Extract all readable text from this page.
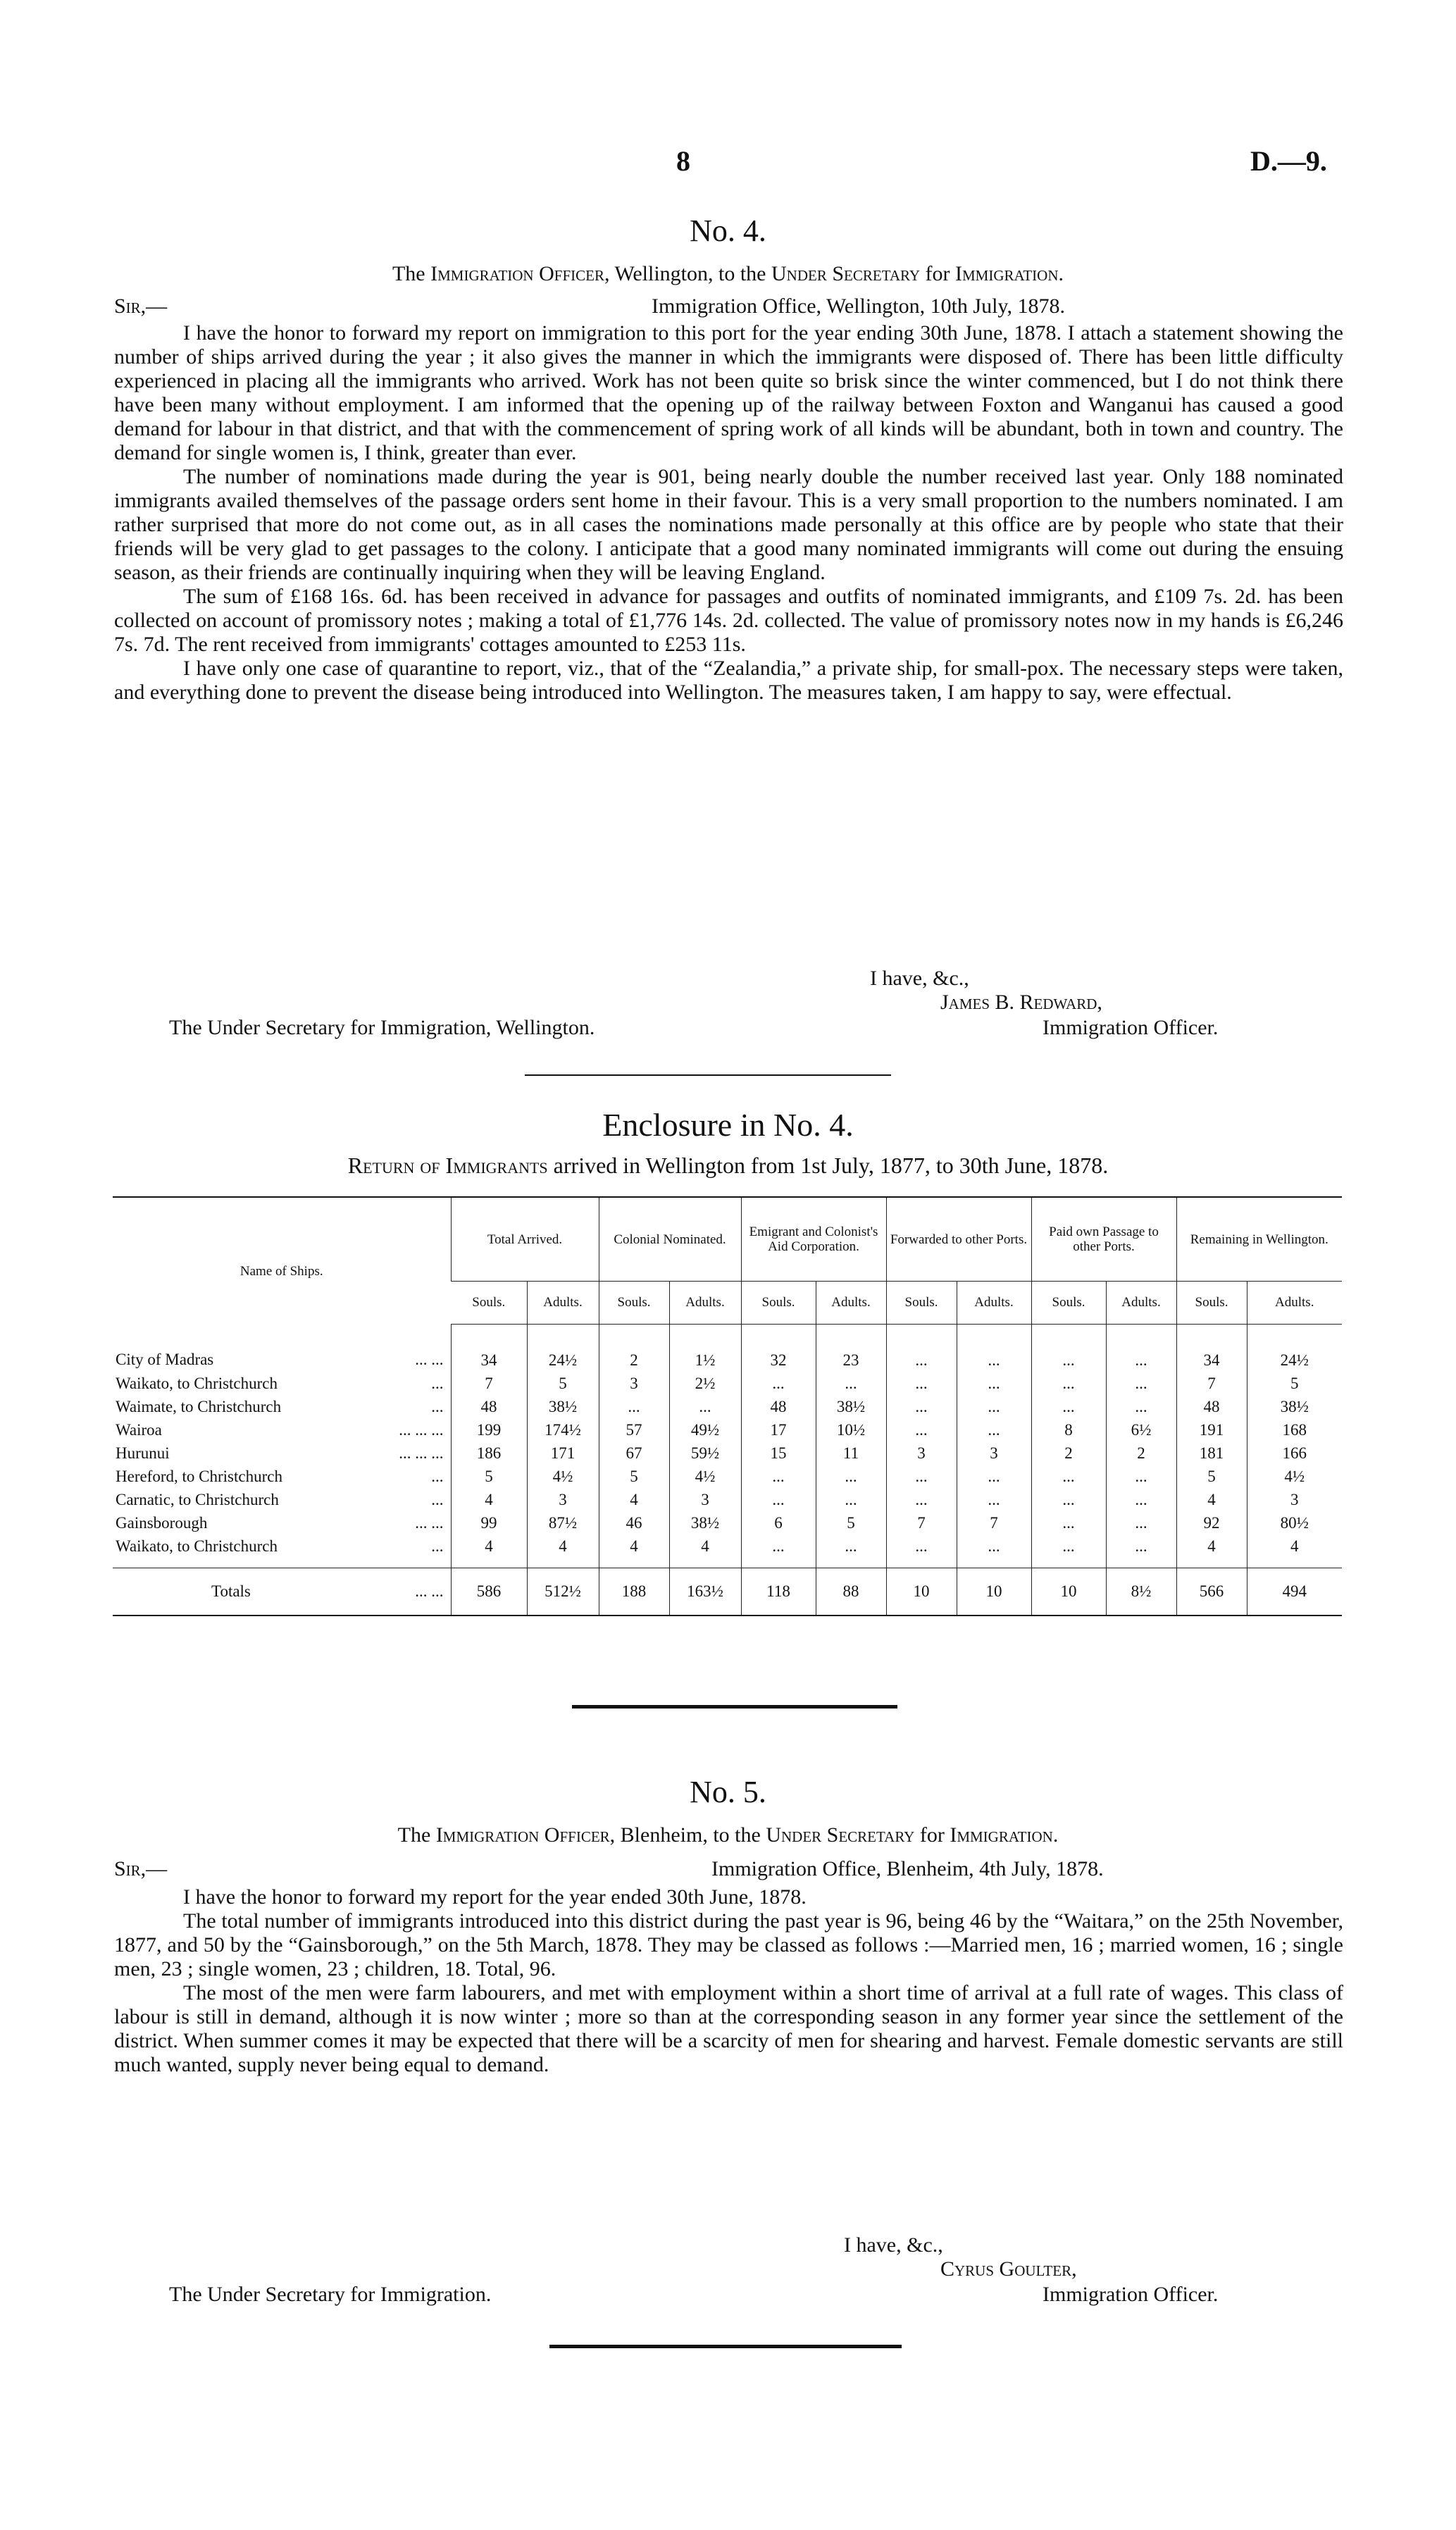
8	D.—9.
No. 4.
The Immigration Officer, Wellington, to the Under Secretary for Immigration.
Sir,—	Immigration Office, Wellington, 10th July, 1878.

I have the honor to forward my report on immigration to this port for the year ending 30th June, 1878. I attach a statement showing the number of ships arrived during the year ; it also gives the manner in which the immigrants were disposed of. There has been little difficulty experienced in placing all the immigrants who arrived. Work has not been quite so brisk since the winter commenced, but I do not think there have been many without employment. I am informed that the opening up of the railway between Foxton and Wanganui has caused a good demand for labour in that district, and that with the commencement of spring work of all kinds will be abundant, both in town and country. The demand for single women is, I think, greater than ever.

The number of nominations made during the year is 901, being nearly double the number received last year. Only 188 nominated immigrants availed themselves of the passage orders sent home in their favour. This is a very small proportion to the numbers nominated. I am rather surprised that more do not come out, as in all cases the nominations made personally at this office are by people who state that their friends will be very glad to get passages to the colony. I anticipate that a good many nominated immigrants will come out during the ensuing season, as their friends are continually inquiring when they will be leaving England.

The sum of £168 16s. 6d. has been received in advance for passages and outfits of nominated immigrants, and £109 7s. 2d. has been collected on account of promissory notes ; making a total of £1,776 14s. 2d. collected. The value of promissory notes now in my hands is £6,246 7s. 7d. The rent received from immigrants' cottages amounted to £253 11s.

I have only one case of quarantine to report, viz., that of the “Zealandia,” a private ship, for small-pox. The necessary steps were taken, and everything done to prevent the disease being introduced into Wellington. The measures taken, I am happy to say, were effectual.

I have, &c.,
James B. Redward,
The Under Secretary for Immigration, Wellington.	Immigration Officer.
Enclosure in No. 4.
Return of Immigrants arrived in Wellington from 1st July, 1877, to 30th June, 1878.
Name of Ships.	Total Arrived.		Colonial Nominated.		Emigrant and Colonist's Aid Corporation.		Forwarded to other Ports.		Paid own Passage to other Ports.		Remaining in Wellington.	
	Souls.	Adults.	Souls.	Adults.	Souls.	Adults.	Souls.	Adults.	Souls.	Adults.	Souls.	Adults.
City of Madras ... ...	34	24½	2	1½	32	23	...	...	...	...	34	24½
Waikato, to Christchurch ...	7	5	3	2½	...	...	...	...	...	...	7	5
Waimate, to Christchurch ...	48	38½	...	...	48	38½	...	...	...	...	48	38½
Wairoa ... ... ...	199	174½	57	49½	17	10½	...	...	8	6½	191	168
Hurunui ... ... ...	186	171	67	59½	15	11	3	3	2	2	181	166
Hereford, to Christchurch ...	5	4½	5	4½	...	...	...	...	...	...	5	4½
Carnatic, to Christchurch ...	4	3	4	3	...	...	...	...	...	...	4	3
Gainsborough ... ...	99	87½	46	38½	6	5	7	7	...	...	92	80½
Waikato, to Christchurch ...	4	4	4	4	...	...	...	...	...	...	4	4
Totals ... ...	586	512½	188	163½	118	88	10	10	10	8½	566	494
No. 5.
The Immigration Officer, Blenheim, to the Under Secretary for Immigration.
Sir,—	Immigration Office, Blenheim, 4th July, 1878.

I have the honor to forward my report for the year ended 30th June, 1878.

The total number of immigrants introduced into this district during the past year is 96, being 46 by the “Waitara,” on the 25th November, 1877, and 50 by the “Gainsborough,” on the 5th March, 1878. They may be classed as follows :—Married men, 16 ; married women, 16 ; single men, 23 ; single women, 23 ; children, 18. Total, 96.

The most of the men were farm labourers, and met with employment within a short time of arrival at a full rate of wages. This class of labour is still in demand, although it is now winter ; more so than at the corresponding season in any former year since the settlement of the district. When summer comes it may be expected that there will be a scarcity of men for shearing and harvest. Female domestic servants are still much wanted, supply never being equal to demand.

I have, &c.,
Cyrus Goulter,
The Under Secretary for Immigration.	Immigration Officer.
